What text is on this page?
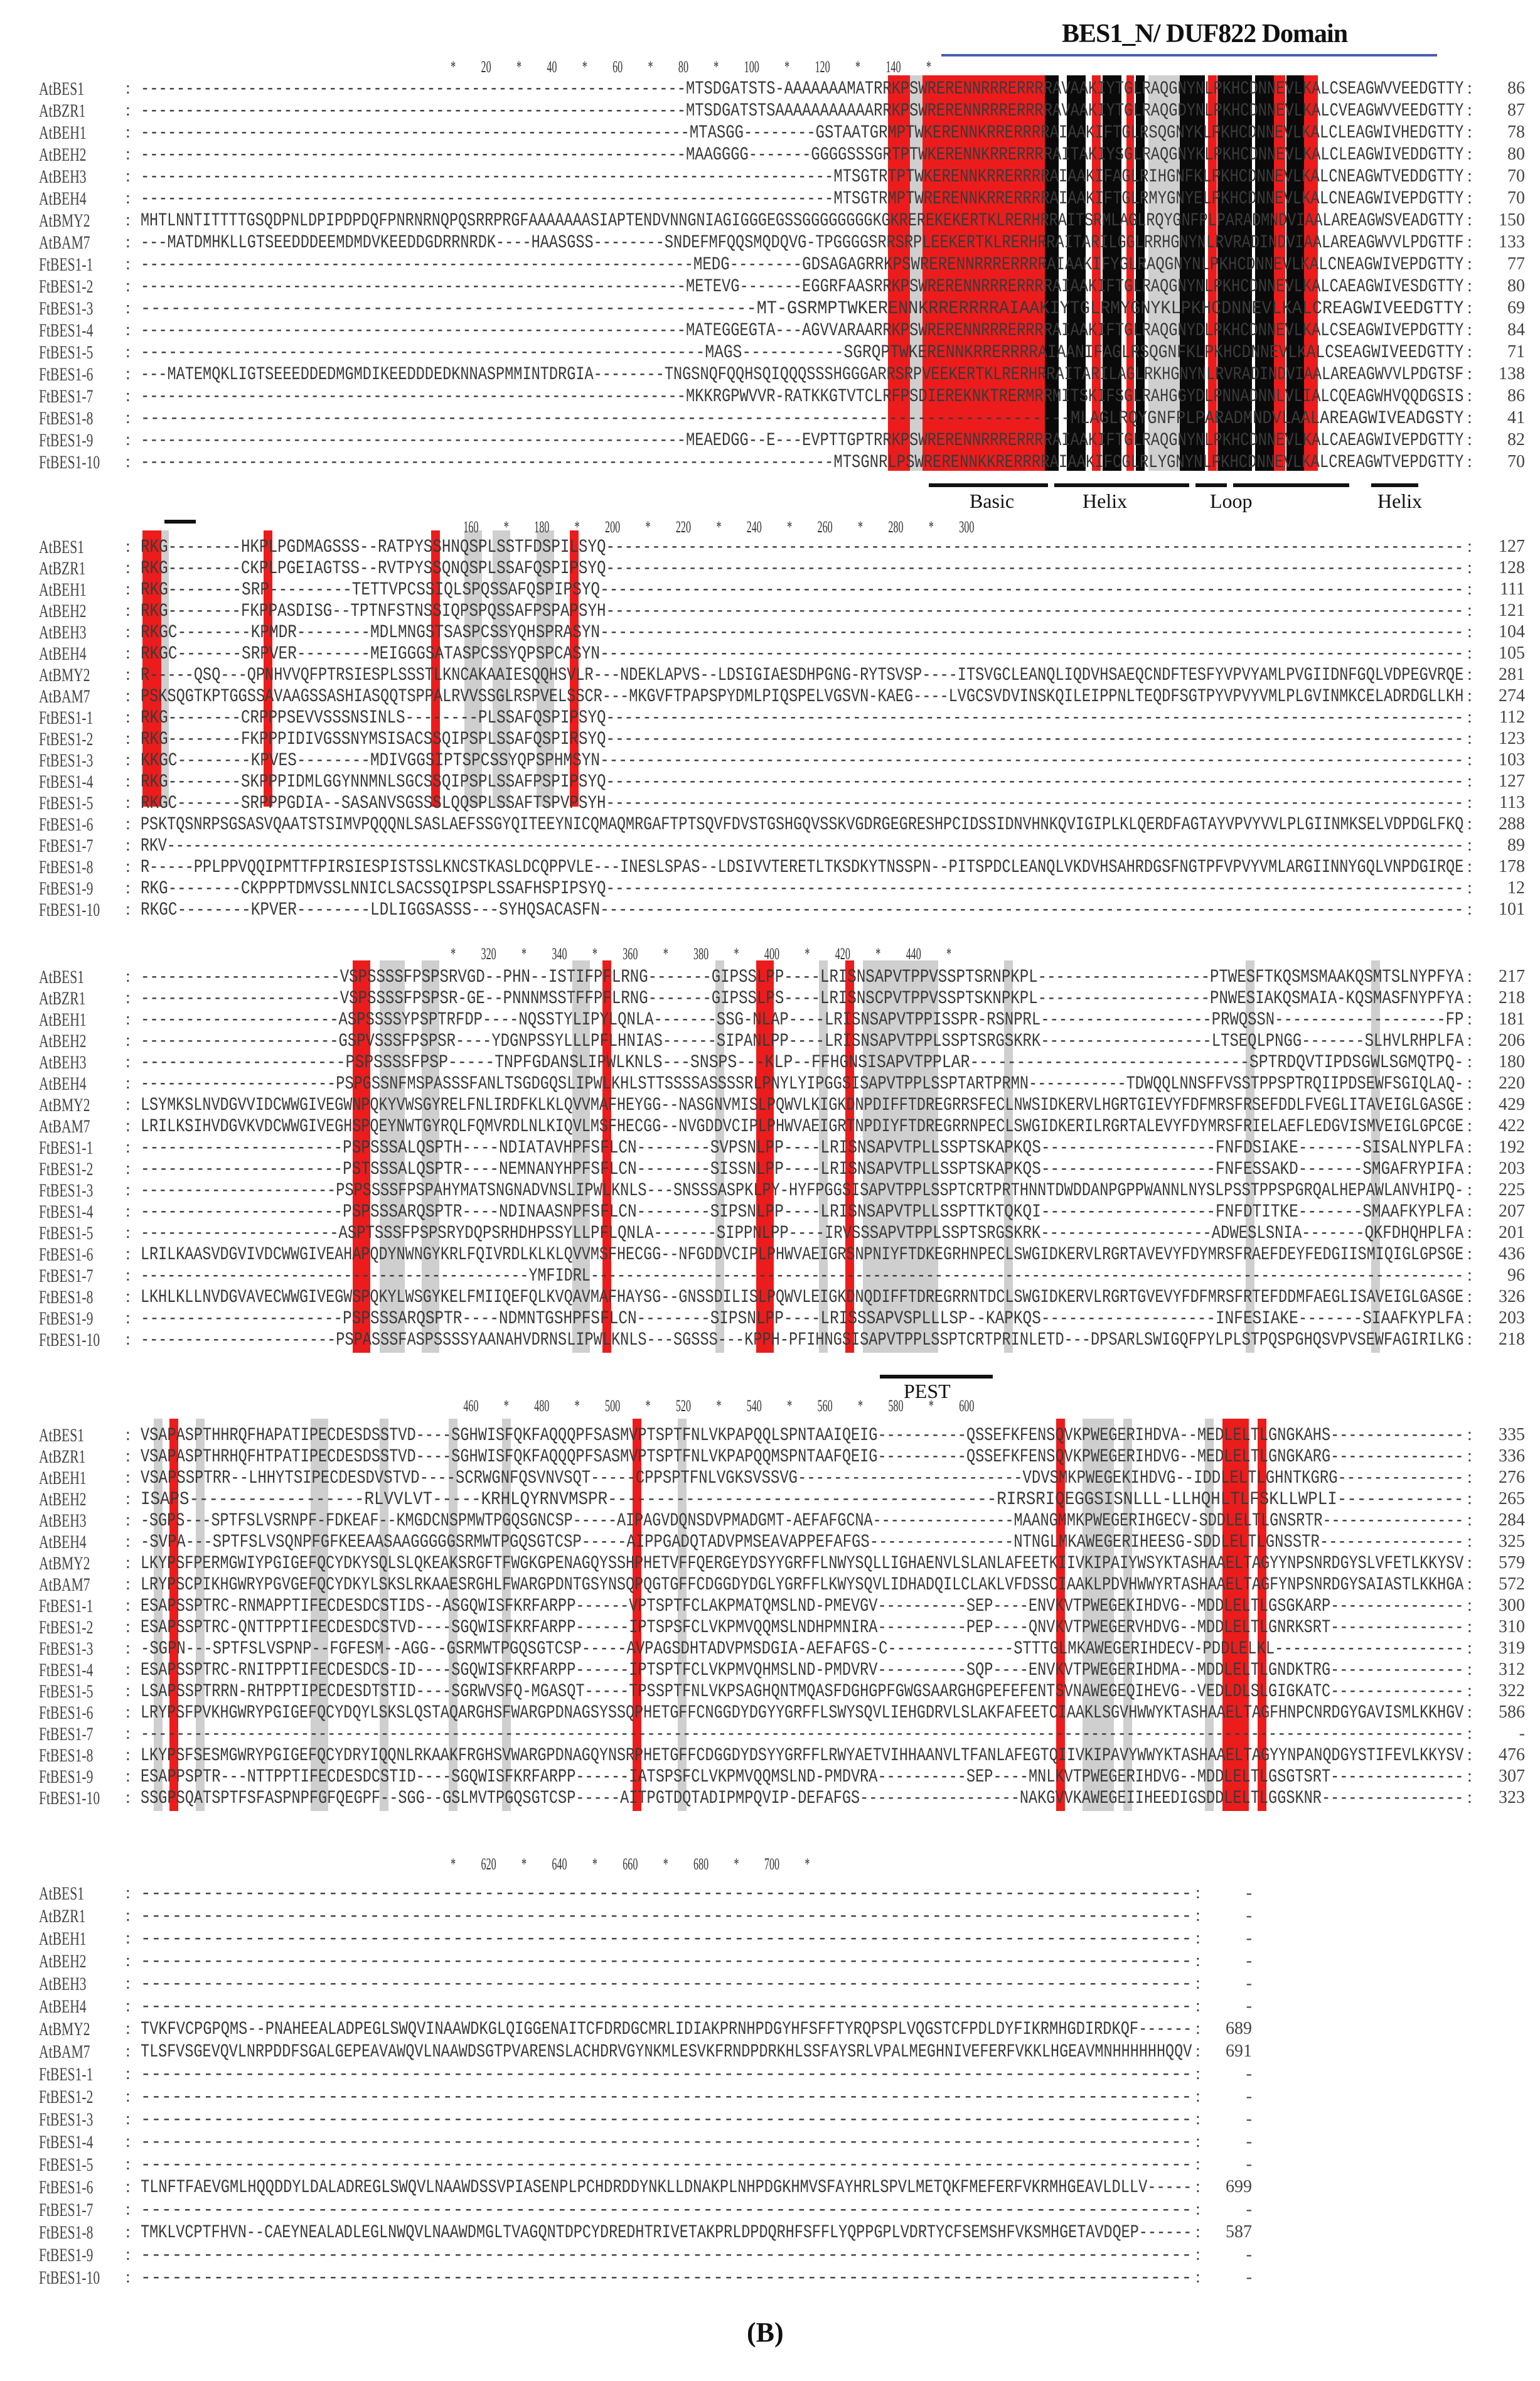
BES1_N/ DUF822 Domain
*          20          *          40          *          60          *          80          *          100          *          120          *          140          *
AtBES1 : -------------------------------------------------------------MTSDGATSTS-AAAAAAAMATRRKPSWRERENNRRRERRRRAVAAKIYTGLRAQGNYNLPKHCDNNEVLKALCSEAGWVVEEDGTTY :	86
AtBZR1 : -------------------------------------------------------------MTSDGATSTSAAAAAAAAAAARRKPSWRERENNRRRERRRRAVAAKIYTGLRAQGDYNLPKHCDNNEVLKALCVEAGWVVEEDGTTY :	87
AtBEH1 : -------------------------------------------------------------MTASGG--------GSTAATGRMPTWKERENNKRRERRRRAIAAKIFTGLRSQGNYKLPKHCDNNEVLKALCLEAGWIVHEDGTTY :	78
AtBEH2 : -------------------------------------------------------------MAAGGGG-------GGGGSSSGRTPTWKERENNKRRERRRRAITAKIYSGLRAQGNYKLPKHCDNNEVLKALCLEAGWIVEDDGTTY :	80
AtBEH3 : -----------------------------------------------------------------------------MTSGTRTPTWKERENNKRRERRRRAIAAKIFAGLRIHGNFKLPKHCDNNEVLKALCNEAGWTVEDDGTTY :	70
AtBEH4 : -----------------------------------------------------------------------------MTSGTRMPTWRERENNKRRERRRRAIAAKIFTGLRMYGNYELPKHCDNNEVLKALCNEAGWIVEPDGTTY :	70
AtBMY2 : MHTLNNTITTTTGSQDPNLDPIPDPDQFPNRNRNQPQSRRPRGFAAAAAAASIAPTENDVNNGNIAGIGGGEGSSGGGGGGGGKGKREREKEKERTKLRERHRRAITSRMLAGLRQYGNFPLPARADMNDVIAALAREAGWSVEADGTTY :	150
AtBAM7 : ---MATDMHKLLGTSEEDDDEEMDMDVKEEDDGDRRNRDK----HAASGSS--------SNDEFMFQQSMQDQVG-TPGGGGSRRSRPLEEKERTKLRERHRRAITARILGGLRRHGNYNLRVRADINDVIAALAREAGWVVLPDGTTF :	133
FtBES1-1 : -------------------------------------------------------------MEDG--------GDSAGAGRRKPSWRERENNRRRERRRRAIAAKIFYGLRAQGNYNLPKHCDNNEVLKALCNEAGWIVEPDGTTY :	77
FtBES1-2 : -------------------------------------------------------------METEVG-------EGGRFAASRRKPSWRERENNRRRERRRRAIAAKIFTGLRAQGNYNLPKHCDNNEVLKALCAEAGWIVESDGTTY :	80
FtBES1-3 : -------------------------------------------------------------MT-GSRMPTWKERENNKRRERRRRAIAAKIYTGLRMYGNYKLPKHCDNNEVLKALCREAGWIVEEDGTTY :	69
FtBES1-4 : -------------------------------------------------------------MATEGGEGTA---AGVVARAARRKPSWRERENNRRRERRRRAIAAKIFTGLRAQGNYDLPKHCDNNEVLKALCSEAGWIVEPDGTTY :	84
FtBES1-5 : -------------------------------------------------------------MAGS-----------SGRQPTWKERENNKRRERRRRAIAANIFAGLRSQGNFKLPKHCDNNEVLKALCSEAGWIVEEDGTTY :	71
FtBES1-6 : ---MATEMQKLIGTSEEEDDEDMGMDIKEEDDDEDKNNASPMMINTDRGIA--------TNGSNQFQQHSQIQQQSSSHGGGARRSRPVEEKERTKLRERHRRAITARILAGLRKHGNYNLRVRADINDVIAALAREAGWVVLPDGTSF :	138
FtBES1-7 : -------------------------------------------------------------MKKRGPWVVR-RATKKGTVTCLRFPSDIEREKNKTRERMRRMITSKIFSGLRAHGGYDLPNNADNNLVLIALCQEAGWHVQQDGSIS :	86
FtBES1-8 : -------------------------------------------------------------------------------------------------MLAGLRQYGNFPLPARADMNDVLAALAREAGWIVEADGSTY :	41
FtBES1-9 : -------------------------------------------------------------MEAEDGG--E---EVPTTGPTRRKPSWRERENNRRRERRRRAIAAKIFTGLRAQGNYNLPKHCDNNEVLKALCAEAGWIVEPDGTTY :	82
FtBES1-10 : -----------------------------------------------------------------------------MTSGNRLPSWRERENNKKRERRRRAIAAKIFCGLRLYGNYNLPKHCDNNEVLKALCREAGWTVEPDGTTY :	70
Basic	Helix	Loop	Helix
160          *          180          *          200          *          220          *          240          *          260          *          280          *          300
AtBES1 : RKG--------HKPLPGDMAGSSS--RATPYSSHNQSPLSSTFDSPILSYQ---------------------------------------------------------------------------------------------- :	127
AtBZR1 : RKG--------CKPLPGEIAGTSS--RVTPYSSQNQSPLSSAFQSPIPSYQ---------------------------------------------------------------------------------------------- :	128
AtBEH1 : RKG--------SRP---------TETTVPCSSIQLSPQSSAFQSPIPSYQ---------------------------------------------------------------------------------------------- :	111
AtBEH2 : RKG--------FKPPASDISG--TPTNFSTNSSIQPSPQSSAFPSPAPSYH---------------------------------------------------------------------------------------------- :	121
AtBEH3 : RKGC--------KPMDR--------MDLMNGSTSASPCSSYQHSPRASYN---------------------------------------------------------------------------------------------- :	104
AtBEH4 : RKGC-------SRPVER--------MEIGGGSATASPCSSYQPSPCASYN---------------------------------------------------------------------------------------------- :	105
AtBMY2 : R-----QSQ---QPNHVVQFPTRSIESPLSSSTLKNCAKAAIESQQHSVLR---NDEKLAPVS--LDSIGIAESDHPGNG-RYTSVSP----ITSVGCLEANQLIQDVHSAEQCNDFTESFYVPVYAMLPVGIIDNFGQLVDPEGVRQE :	281
AtBAM7 : PSKSQGTKPTGGSSAVAAGSSASHIASQQTSPPALRVVSSGLRSPVELSSCR---MKGVFTPAPSPYDMLPIQSPELVGSVN-KAEG----LVGCSVDVINSKQILEIPPNLTEQDFSGTPYVPVYVMLPLGVINMKCELADRDGLLKH :	274
FtBES1-1 : RKG--------CRPPPSEVVSSSNSINLS--------PLSSAFQSPIPSYQ---------------------------------------------------------------------------------------------- :	112
FtBES1-2 : RKG--------FKPPPIDIVGSSNYMSISACSSQIPSPLSSAFQSPIRSYQ---------------------------------------------------------------------------------------------- :	123
FtBES1-3 : KKGC--------KPVES--------MDIVGGSIPTSPCSSYQPSPHMSYN---------------------------------------------------------------------------------------------- :	103
FtBES1-4 : RKG--------SKPPPIDMLGGYNNMNLSGCSSQIPSPLSSAFPSPIPSYQ---------------------------------------------------------------------------------------------- :	127
FtBES1-5 : RKGC-------SRPPPGDIA--SASANVSGSSSLQQSPLSSAFTSPVPSYH---------------------------------------------------------------------------------------------- :	113
FtBES1-6 : PSKTQSNRPSGSASVQAATSTSIMVPQQQNLSASLAEFSSGYQITEEYNICQMAQMRGAFTPTSQVFDVSTGSHGQVSSKVGDRGEGRESHPCIDSSIDNVHNKQVIGIPLKLQERDFAGTAYVPVYVVLPLGIINMKSELVDPDGLFKQ :	288
FtBES1-7 : RKV---------------------------------------------------------------------------------------------------------------------------------------------------- :	89
FtBES1-8 : R-----PPLPPVQQIPMTTFPIRSIESPISTSSLKNCSTKASLDCQPPVLE---INESLSPAS--LDSIVVTERETLTKSDKYTNSSPN--PITSPDCLEANQLVKDVHSAHRDGSFNGTPFVPVYVMLARGIINNYGQLVNPDGIRQE :	178
FtBES1-9 : RKG--------CKPPPTDMVSSLNNICLSACSSQIPSPLSSAFHSPIPSYQ---------------------------------------------------------------------------------------------- :	12
FtBES1-10 : RKGC--------KPVER--------LDLIGGSASSS---SYHQSACASFN---------------------------------------------------------------------------------------------- :	101
*          320          *          340          *          360          *          380          *          400          *          420          *          440          *
AtBES1 : ----------------------VSPSSSSFPSPSRVGD--PHN--ISTIFPFLRNG-------GIPSSLPP----LRISNSAPVTPPVSSPTSRNPKPL-------------------PTWESFTKQSMSMAAKQSMTSLNYPFYA :	217
AtBZR1 : ----------------------VSPSSSSFPSPSR-GE--PNNNMSSTFFPFLRNG-------GIPSSLPS----LRISNSCPVTPPVSSPTSKNPKPL-------------------PNWESIAKQSMAIA-KQSMASFNYPFYA :	218
AtBEH1 : ----------------------ASPSSSSYPSPTRFDP----NQSSTYLIPYLQNLA-------SSG-NLAP----LRISNSAPVTPPISSPR-RSNPRL-------------------PRWQSSN-------------------FP :	181
AtBEH2 : ----------------------GSPVSSSFPSPSR----YDGNPSSYLLLPFLHNIAS------SIPANLPP----LRISNSAPVTPPLSSPTSRGSKRK-------------------LTSEQLPNGG-------SLHVLRHPLFA :	206
AtBEH3 : ----------------------PSPSSSSFPSP-----TNPFGDANSLIPWLKNLS---SNSPS---KLP--FFHGNSISAPVTPPLAR------------------------------SPTRDQVTIPDSGWLSGMQTPQ- :	180
AtBEH4 : ----------------------PSPGSSNFMSPASSSFANLTSGDGQSLIPWLKHLSTTSSSSASSSSRLPNYLYIPGGSISAPVTPPLSSPTARTPRMN-----------TDWQQLNNSFFVSSTPPSPTRQIIPDSEWFSGIQLAQ- :	220
AtBMY2 : LSYMKSLNVDGVVIDCWWGIVEGWNPQKYVWSGYRELFNLIRDFKLKLQVVMAFHEYGG--NASGNVMISLPQWVLKIGKDNPDIFFTDREGRRSFECLNWSIDKERVLHGRTGIEVYFDFMRSFRSEFDDLFVEGLITAVEIGLGASGE :	429
AtBAM7 : LRILKSIHVDGVKVDCWWGIVEGHSPQEYNWTGYRQLFQMVRDLNLKIQVLMSFHECGG--NVGDDVCIPLPHWVAEIGRTNPDIYFTDREGRRNPECLSWGIDKERILRGRTALEVYFDYMRSFRIELAEFLEDGVISMVEIGLGPCGE :	422
FtBES1-1 : ----------------------PSPSSSALQSPTH----NDIATAVHPFSFLCN--------SVPSNLPP----LRISNSAPVTPLLSSPTSKAPKQS-------------------FNFDSIAKE-------SISALNYPLFA :	192
FtBES1-2 : ----------------------PSTSSSALQSPTR----NEMNANYHPFSFLCN--------SISSNLPP----LRISNSAPVTPLLSSPTSKAPKQS-------------------FNFESSAKD-------SMGAFRYPIFA :	203
FtBES1-3 : ----------------------PSPSSSSFPSPAHYMATSNGNADVNSLIPWLKNLS---SNSSSASPKLPY-HYFPGGSISAPVTPPLSSPTCRTPRTHNNTDWDDANPGPPWANNLNYSLPSSTPPSPGRQALHEPAWLANVHIPQ- :	225
FtBES1-4 : ----------------------PSPSSSARQSPTR----NDINAASNPFSFLCN--------SIPSNLPP----LRISNSAPVTPLLSSPTTKTQKQI-------------------FNFDTITKE-------SMAAFKYPLFA :	207
FtBES1-5 : ----------------------ASPTSSSFPSPSRYDQPSRHDHPSSYLLPFLQNLA-------SIPPNLPP----IRVSSSAPVTPPLSSPTSRGSKRK-------------------ADWESLSNIA-------QKFDHQHPLFA :	201
FtBES1-6 : LRILKAASVDGVIVDCWWGIVEAHAPQDYNWNGYKRLFQIVRDLKLKLQVVMSFHECGG--NFGDDVCIPLPHWVAEIGRSNPNIYFTDKEGRHNPECLSWGIDKERVLRGRTAVEVYFDYMRSFRAEFDEYFEDGIISMIQIGLGPSGE :	436
FtBES1-7 : --------------------------------------------YMFIDRL--------------------------------------------------------------------------------------------------- :	96
FtBES1-8 : LKHLKLLNVDGVAVECWWGIVEGWSPQKYLWSGYKELFMIIQEFQLKVQAVMAFHAYSG--GNSSDILISLPQWVLEIGKDNQDIFFTDREGRRNTDCLSWGIDKERVLRGRTGVEVYFDFMRSFRTEFDDMFAEGLISAVEIGLGASGE :	326
FtBES1-9 : ----------------------PSPSSSARQSPTR----NDMNTGSHPFSFLCN--------SIPSNLPP----LRISSSAPVSPLLLSP--KAPKQS-------------------INFESIAKE-------SIAAFKYPLFA :	203
FtBES1-10 : ----------------------PSPASSSFASPSSSSYAANAHVDRNSLIPWLKNLS---SGSSS---KPPH-PFIHNGSISAPVTPPLSSPTCRTPRINLETD---DPSARLSWIGQFPYLPLSTPQSPGHQSVPVSEWFAGIRILKG :	218
PEST
460          *          480          *          500          *          520          *          540          *          560          *          580          *          600
AtBES1 : VSAPASPTHHRQFHAPATIPECDESDSSTVD----SGHWISFQKFAQQQPFSASMVPTSPTFNLVKPAPQQLSPNTAAIQEIG----------QSSEFKFENSQVKPWEGERIHDVA--MEDLELTLGNGKAHS--------------- :	335
AtBZR1 : VSAPASPTHRHQFHTPATIPECDESDSSTVD----SGHWISFQKFAQQQPFSASMVPTSPTFNLVKPAPQQMSPNTAAFQEIG----------QSSEFKFENSQVKPWEGERIHDVG--MEDLELTLGNGKARG--------------- :	336
AtBEH1 : VSAPSSPTRR--LHHYTSIPECDESDVSTVD----SCRWGNFQSVNVSQT-----CPPSPTFNLVGKSVSSVG-------------------------VDVSMKPWEGEKIHDVG--IDDLELTLGHNTKGRG-------------- :	276
AtBEH2 : ISAPS------------------RLVVLVT-----KRHLQYRNVMSPR----------------------------------------RIRSRIQEGGSISNLLL-LLHQHLTLFSKLLWPLI------------- :	265
AtBEH3 : -SGPS---SPTFSLVSRNPF-FDKEAF--KMGDCNSPMWTPGQSGNCSP-----AIPAGVDQNSDVPMADGMT-AEFAFGCNA----------------MAANGMMKPWEGERIHGECV-SDDLELTLGNSRTR---------------- :	284
AtBEH4 : -SVPA---SPTFSLVSQNPFGFKEEAASAAGGGGGSRMWTPGQSGTCSP-----AIPPGADQTADVPMSEAVAPPEFAFGS----------------NTNGLMKAWEGERIHEESG-SDDLELTLGNSSTR---------------- :	325
AtBMY2 : LKYPSFPERMGWIYPGIGEFQCYDKYSQLSLQKEAKSRGFTFWGKGPENAGQYSSHPHETVFFQERGEYDSYYGRFFLNWYSQLLIGHAENVLSLANLAFEETKIIVKIPAIYWSYKTASHAAELTAGYYNPSNRDGYSLVFETLKKYSV :	579
AtBAM7 : LRYPSCPIKHGWRYPGVGEFQCYDKYLSKSLRKAAESRGHLFWARGPDNTGSYNSQPQGTGFFCDGGDYDGLYGRFFLKWYSQVLIDHADQILCLAKLVFDSSCIAAKLPDVHWWYRTASHAAELTAGFYNPSNRDGYSAIASTLKKHGA :	572
FtBES1-1 : ESAPSSPTRC-RNMAPPTIFECDESDCSTIDS--ASGQWISFKRFARPP------VPTSPTFCLAKPMATQMSLND-PMEVGV----------SEP----ENVKVTPWEGEKIHDVG--MDDLELTLGSGKARP--------------- :	300
FtBES1-2 : ESAPSSPTRC-QNTTPPTIFECDESDCSTVD----SGQWISFKRFARPP------IPTSPSFCLVKPMVQQMSLNDHPMNIRA----------PEP----QNVKVTPWEGERVHDVG--MDDLELTLGNRKSRT--------------- :	310
FtBES1-3 : -SGPN---SPTFSLVSPNP--FGFESM--AGG--GSRMWTPGQSGTCSP-----AVPAGSDHTADVPMSDGIA-AEFAFGS-C--------------STTTGLMKAWEGERIHDECV-PDDLELKL--------------------- :	319
FtBES1-4 : ESAPSSPTRC-RNITPPTIFECDESDCS-ID----SGQWISFKRFARPP------IPTSPTFCLVKPMVQHMSLND-PMDVRV----------SQP----ENVKVTPWEGERIHDMA--MDDLELTLGNDKTRG--------------- :	312
FtBES1-5 : LSAPSSPTRRN-RHTPPTIPECDESDTSTID----SGRWVSFQ-MGASQT-----TPSSPTFNLVKPSAGHQNTMQASFDGHGPFGWGSAARGHGPEFEFENTSVNAWEGEQIHEVG--VEDLDLSLGIGKATC--------------- :	322
FtBES1-6 : LRYPSFPVKHGWRYPGIGEFQCYDQYLSKSLQSTAQARGHSFWARGPDNAGSYSSQPHETGFFCNGGDYDGYYGRFFLSWYSQVLIEHGDRVLSLAKFAFEETCIAAKLSGVHWWYKTASHAAELTAGFHNPCNRDGYGAVISMLKKHGV :	586
FtBES1-7 : ----------------------------------------------------------------------------------------------------------------------------------------------------- :	-
FtBES1-8 : LKYPSFSESMGWRYPGIGEFQCYDRYIQQNLRKAAKFRGHSVWARGPDNAGQYNSRPHETGFFCDGGDYDSYYGRFFLRWYAETVIHHAANVLTFANLAFEGTQIIVKIPAVYWWYKTASHAAELTAGYYNPANQDGYSTIFEVLKKYSV :	476
FtBES1-9 : ESAPPSPTR---NTTPPTIFECDESDCSTID----SGQWISFKRFARPP------IATSPSFCLVKPMVQQMSLND-PMDVRA----------SEP----MNLKVTPWEGERIHDVG--MDDLELTLGSGTSRT--------------- :	307
FtBES1-10 : SSGPSQATSPTFSFASPNPFGFQEGPF--SGG--GSLMVTPGQSGTCSP-----AITPGTDQTADIPMPQVIP-DEFAFGS------------------NAKGVVKAWEGEIIHEEDIGSDDLELTLGGSKNR---------------- :	323
*          620          *          640          *          660          *          680          *          700          *
AtBES1 : ----------------------------------------------------------------------------------------------------- :	-
AtBZR1 : ----------------------------------------------------------------------------------------------------- :	-
AtBEH1 : ----------------------------------------------------------------------------------------------------- :	-
AtBEH2 : ----------------------------------------------------------------------------------------------------- :	-
AtBEH3 : ----------------------------------------------------------------------------------------------------- :	-
AtBEH4 : ----------------------------------------------------------------------------------------------------- :	-
AtBMY2 : TVKFVCPGPQMS--PNAHEEALADPEGLSWQVINAAWDKGLQIGGENAITCFDRDGCMRLIDIAKPRNHPDGYHFSFFTYRQPSPLVQGSTCFPDLDYFIKRMHGDIRDKQF------ :	689
AtBAM7 : TLSFVSGEVQVLNRPDDFSGALGEPEAVAWQVLNAAWDSGTPVARENSLACHDRVGYNKMLESVKFRNDPDRKHLSSFAYSRLVPALMEGHNIVEFERFVKKLHGEAVMNHHHHHHQQV :	691
FtBES1-1 : ----------------------------------------------------------------------------------------------------- :	-
FtBES1-2 : ----------------------------------------------------------------------------------------------------- :	-
FtBES1-3 : ----------------------------------------------------------------------------------------------------- :	-
FtBES1-4 : ----------------------------------------------------------------------------------------------------- :	-
FtBES1-5 : ----------------------------------------------------------------------------------------------------- :	-
FtBES1-6 : TLNFTFAEVGMLHQQDDYLDALADREGLSWQVLNAAWDSSVPIASENPLPCHDRDDYNKLLDNAKPLNHPDGKHMVSFAYHRLSPVLMETQKFMEFERFVKRMHGEAVLDLLV----- :	699
FtBES1-7 : ----------------------------------------------------------------------------------------------------- :	-
FtBES1-8 : TMKLVCPTFHVN--CAEYNEALADLEGLNWQVLNAAWDMGLTVAGQNTDPCYDREDHTRIVETAKPRLDPDQRHFSFFLYQPPGPLVDRTYCFSEMSHFVKSMHGETAVDQEP------ :	587
FtBES1-9 : ----------------------------------------------------------------------------------------------------- :	-
FtBES1-10 : ----------------------------------------------------------------------------------------------------- :	-
(B)
